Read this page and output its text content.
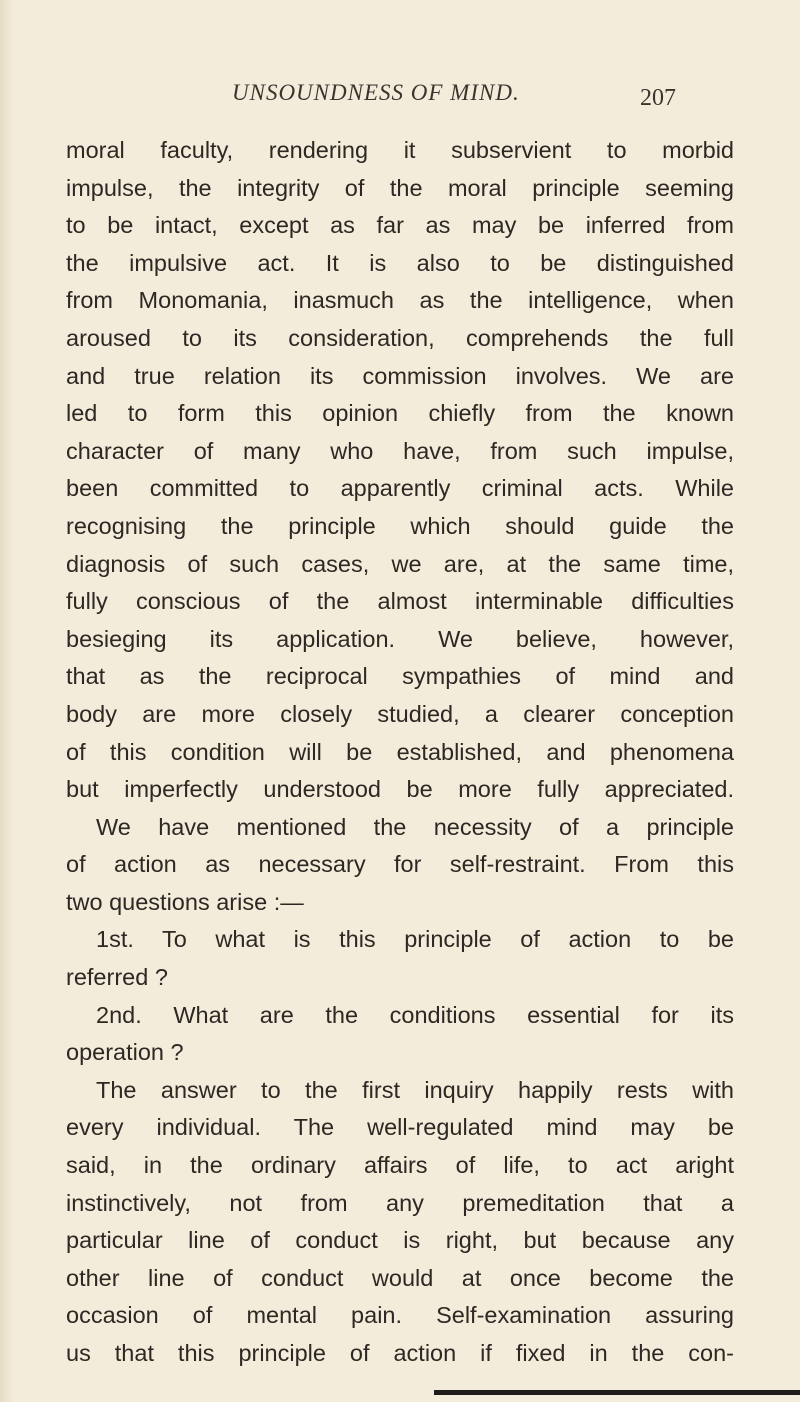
UNSOUNDNESS OF MIND.	207
moral faculty, rendering it subservient to morbid
impulse, the integrity of the moral principle seeming
to be intact, except as far as may be inferred from
the impulsive act. It is also to be distinguished
from Monomania, inasmuch as the intelligence, when
aroused to its consideration, comprehends the full
and true relation its commission involves. We are
led to form this opinion chiefly from the known
character of many who have, from such impulse,
been committed to apparently criminal acts. While
recognising the principle which should guide the
diagnosis of such cases, we are, at the same time,
fully conscious of the almost interminable difficulties
besieging its application. We believe, however,
that as the reciprocal sympathies of mind and
body are more closely studied, a clearer conception
of this condition will be established, and phenomena
but imperfectly understood be more fully appreciated.
We have mentioned the necessity of a principle
of action as necessary for self-restraint. From this
two questions arise :—
1st. To what is this principle of action to be
referred ?
2nd. What are the conditions essential for its
operation ?
The answer to the first inquiry happily rests with
every individual. The well-regulated mind may be
said, in the ordinary affairs of life, to act aright
instinctively, not from any premeditation that a
particular line of conduct is right, but because any
other line of conduct would at once become the
occasion of mental pain. Self-examination assuring
us that this principle of action if fixed in the con-
